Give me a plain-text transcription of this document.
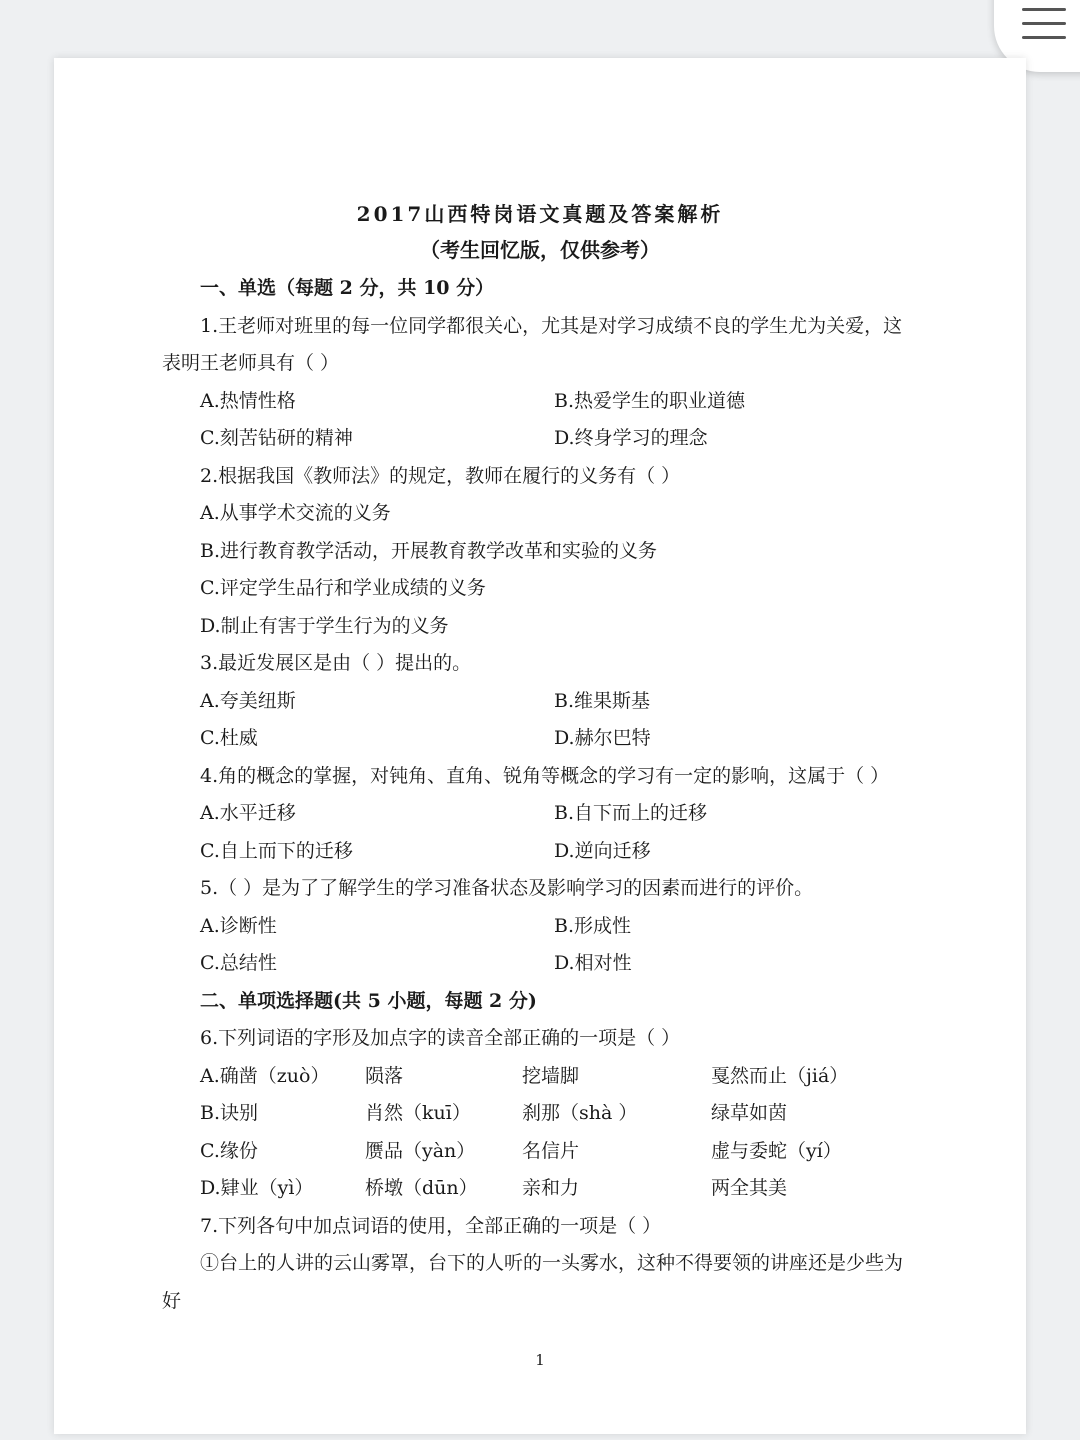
2017山西特岗语文真题及答案解析
（考生回忆版，仅供参考）
一、单选（每题 2 分，共 10 分）
1.王老师对班里的每一位同学都很关心，尤其是对学习成绩不良的学生尤为关爱，这
表明王老师具有（ ）
A.热情性格	B.热爱学生的职业道德
C.刻苦钻研的精神	D.终身学习的理念
2.根据我国《教师法》的规定，教师在履行的义务有（ ）
A.从事学术交流的义务
B.进行教育教学活动，开展教育教学改革和实验的义务
C.评定学生品行和学业成绩的义务
D.制止有害于学生行为的义务
3.最近发展区是由（ ）提出的。
A.夸美纽斯	B.维果斯基
C.杜威	D.赫尔巴特
4.角的概念的掌握，对钝角、直角、锐角等概念的学习有一定的影响，这属于（ ）
A.水平迁移	B.自下而上的迁移
C.自上而下的迁移	D.逆向迁移
5.（ ）是为了了解学生的学习准备状态及影响学习的因素而进行的评价。
A.诊断性	B.形成性
C.总结性	D.相对性
二、单项选择题(共 5 小题，每题 2 分)
6.下列词语的字形及加点字的读音全部正确的一项是（ ）
A.确凿（zuò） 陨落	挖墙脚	戛然而止（jiá）
B.诀别	肖然（kuī）	刹那（shà ）	绿草如茵
C.缘份	赝品（yàn） 名信片	虚与委蛇（yí）
D.肄业（yì）	桥墩（dūn） 亲和力	两全其美
7.下列各句中加点词语的使用，全部正确的一项是（ ）
①台上的人讲的云山雾罩，台下的人听的一头雾水，这种不得要领的讲座还是少些为
好
1
